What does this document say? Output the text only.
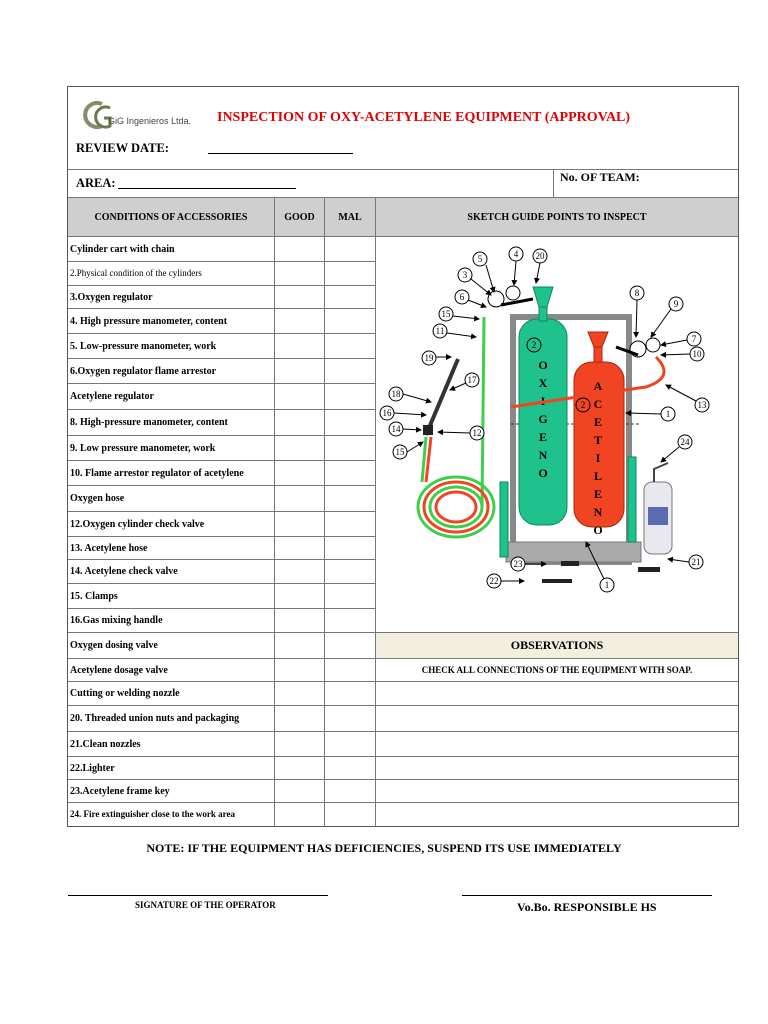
GiG Ingenieros Ltda. INSPECTION OF OXY-ACETYLENE EQUIPMENT (APPROVAL)
REVIEW DATE:
AREA:	No. OF TEAM:
CONDITIONS OF ACCESSORIES	GOOD	MAL	SKETCH GUIDE POINTS TO INSPECT
Cylinder cart with chain
2.Physical condition of the cylinders
3.Oxygen regulator
4. High pressure manometer, content
5. Low-pressure manometer, work
6.Oxygen regulator flame arrestor
Acetylene regulator
8. High-pressure manometer, content
9. Low pressure manometer, work
10. Flame arrestor regulator of acetylene
Oxygen hose
12.Oxygen cylinder check valve
13. Acetylene hose
14. Acetylene check valve
15. Clamps
16.Gas mixing handle
Oxygen dosing valve
Acetylene dosage valve
Cutting or welding nozzle
20. Threaded union nuts and packaging
21.Clean nozzles
22.Lighter
23.Acetylene frame key
24. Fire extinguisher close to the work area
OBSERVATIONS
CHECK ALL CONNECTIONS OF THE EQUIPMENT WITH SOAP.
O
X
I
G
E
N
O
A
C
E
T
I
L
E
N
O
5	4 20
3
6
15
11
19
17
18
16
14	12
15
2
2
8
9
7
10
13
1
24
21
23
22	1
NOTE: IF THE EQUIPMENT HAS DEFICIENCIES, SUSPEND ITS USE IMMEDIATELY
SIGNATURE OF THE OPERATOR	Vo.Bo. RESPONSIBLE HS
